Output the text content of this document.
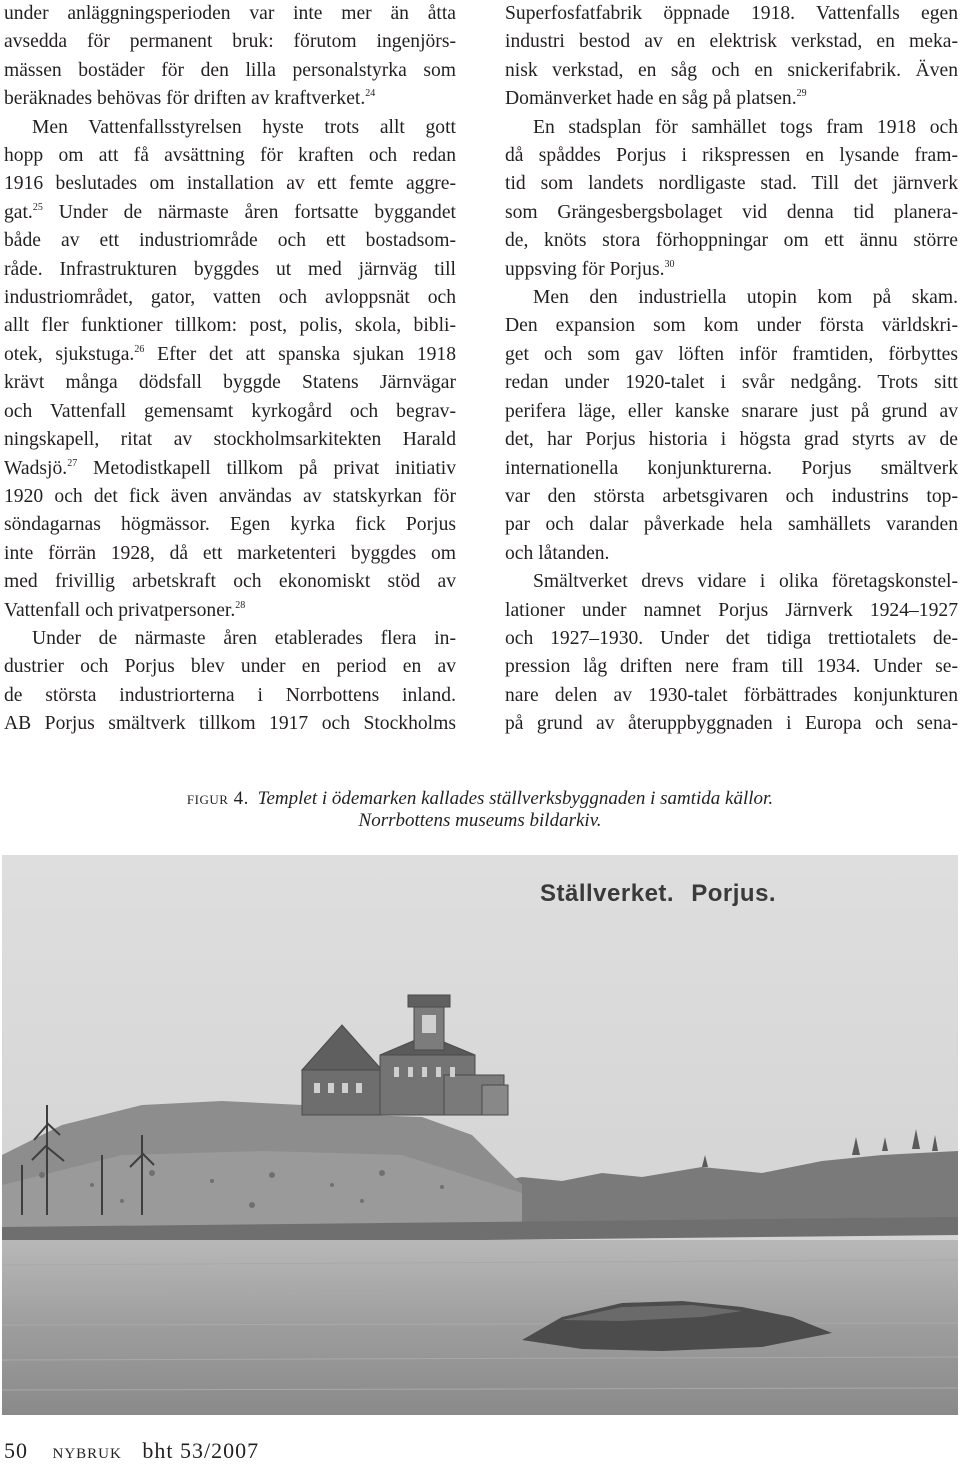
under anläggningsperioden var inte mer än åtta
avsedda för permanent bruk: förutom ingenjörs-
mässen bostäder för den lilla personalstyrka som
beräknades behövas för driften av kraftverket.$^{24}$
Men Vattenfallsstyrelsen hyste trots allt gott
hopp om att få avsättning för kraften och redan
1916 beslutades om installation av ett femte aggre-
gat.$^{25}$ Under de närmaste åren fortsatte byggandet
både av ett industriområde och ett bostadsom-
råde. Infrastrukturen byggdes ut med järnväg till
industriområdet, gator, vatten och avloppsnät och
allt fler funktioner tillkom: post, polis, skola, bibli-
otek, sjukstuga.$^{26}$ Efter det att spanska sjukan 1918
krävt många dödsfall byggde Statens Järnvägar
och Vattenfall gemensamt kyrkogård och begrav-
ningskapell, ritat av stockholmsarkitekten Harald
Wadsjö.$^{27}$ Metodistkapell tillkom på privat initiativ
1920 och det fick även användas av statskyrkan för
söndagarnas högmässor. Egen kyrka fick Porjus
inte förrän 1928, då ett marketenteri byggdes om
med frivillig arbetskraft och ekonomiskt stöd av
Vattenfall och privatpersoner.$^{28}$
Under de närmaste åren etablerades flera in-
dustrier och Porjus blev under en period en av
de största industriorterna i Norrbottens inland.
AB Porjus smältverk tillkom 1917 och Stockholms
Superfosfatfabrik öppnade 1918. Vattenfalls egen
industri bestod av en elektrisk verkstad, en meka-
nisk verkstad, en såg och en snickerifabrik. Även
Domänverket hade en såg på platsen.$^{29}$
En stadsplan för samhället togs fram 1918 och
då spåddes Porjus i rikspressen en lysande fram-
tid som landets nordligaste stad. Till det järnverk
som Grängesbergsbolaget vid denna tid planera-
de, knöts stora förhoppningar om ett ännu större
uppsving för Porjus.$^{30}$
Men den industriella utopin kom på skam.
Den expansion som kom under första världskri-
get och som gav löften inför framtiden, förbyttes
redan under 1920-talet i svår nedgång. Trots sitt
perifera läge, eller kanske snarare just på grund av
det, har Porjus historia i högsta grad styrts av de
internationella konjunkturerna. Porjus smältverk
var den största arbetsgivaren och industrins top-
par och dalar påverkade hela samhällets varanden
och låtanden.
Smältverket drevs vidare i olika företagskonstel-
lationer under namnet Porjus Järnverk 1924–1927
och 1927–1930. Under det tidiga trettiotalets de-
pression låg driften nere fram till 1934. Under se-
nare delen av 1930-talet förbättrades konjunkturen
på grund av återuppbyggnaden i Europa och sena-
figur 4. Templet i ödemarken kallades ställverksbyggnaden i samtida källor.
Norrbottens museums bildarkiv.
Ställverket. Porjus.
50 nybruk bht 53/2007
